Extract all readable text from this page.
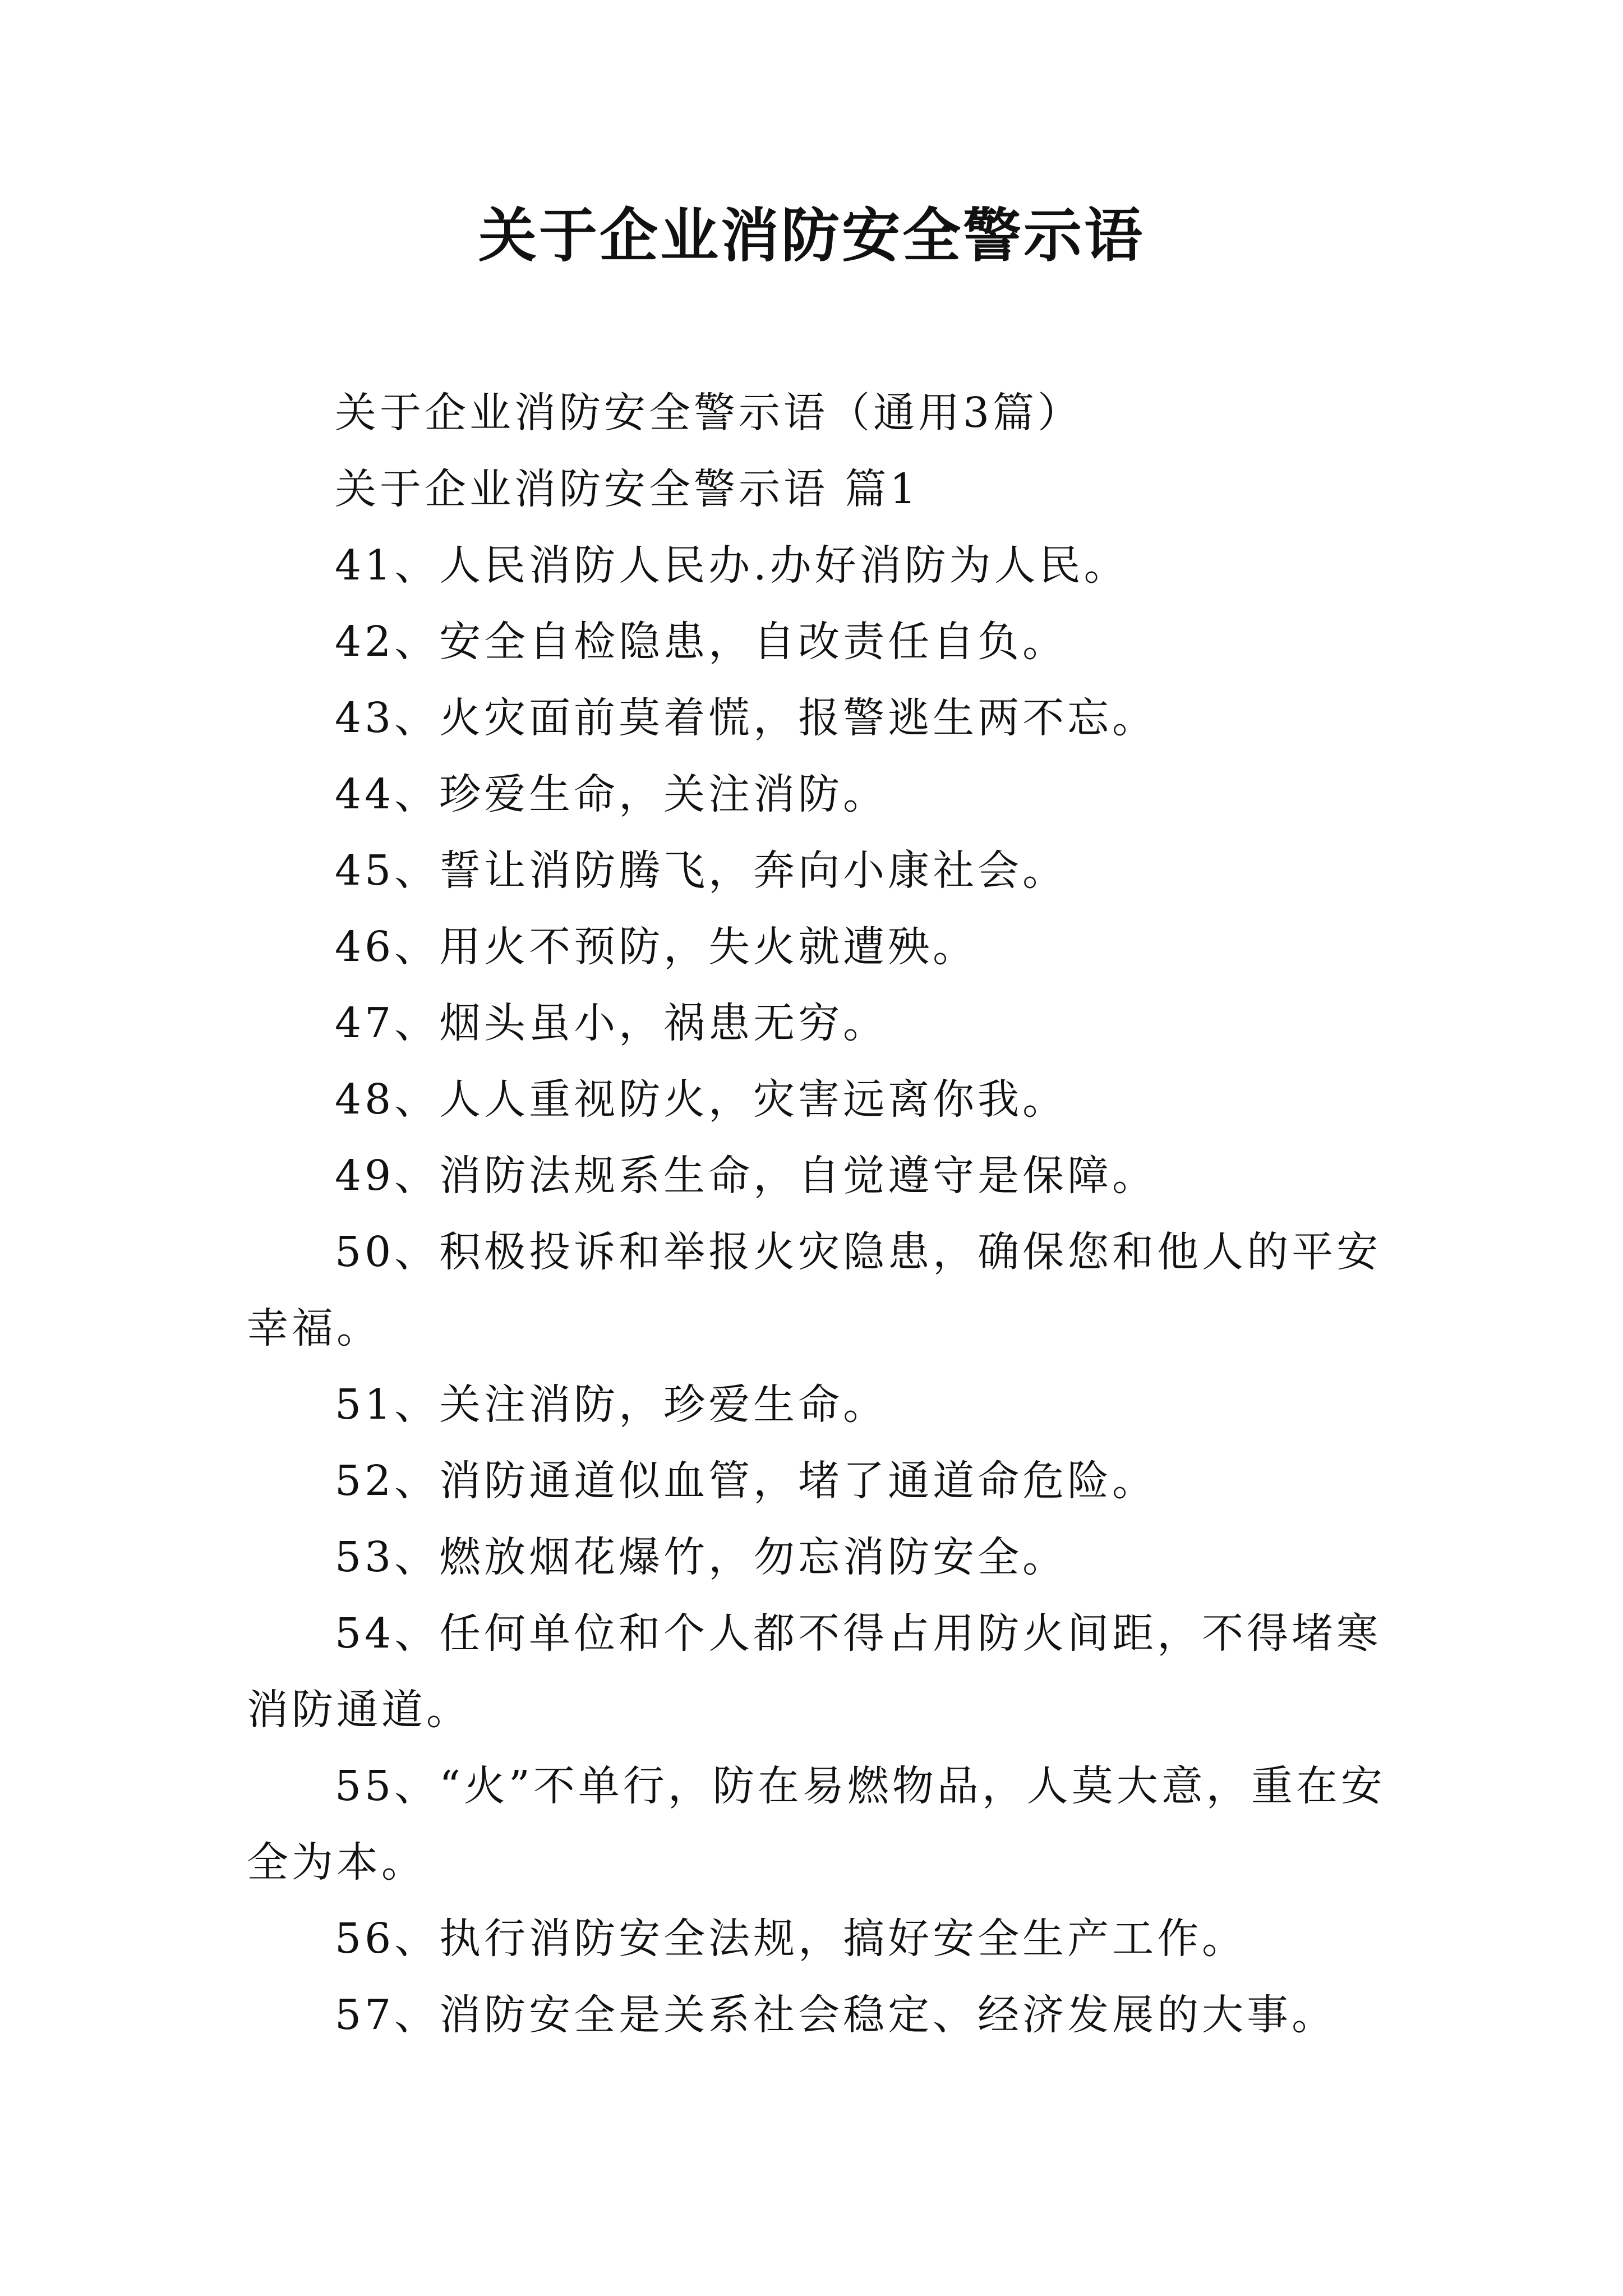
关于企业消防安全警示语

关于企业消防安全警示语（通用3篇）

关于企业消防安全警示语 篇1

41、人民消防人民办.办好消防为人民。

42、安全自检隐患，自改责任自负。

43、火灾面前莫着慌，报警逃生两不忘。

44、珍爱生命，关注消防。

45、誓让消防腾飞，奔向小康社会。

46、用火不预防，失火就遭殃。

47、烟头虽小，祸患无穷。

48、人人重视防火，灾害远离你我。

49、消防法规系生命，自觉遵守是保障。

50、积极投诉和举报火灾隐患，确保您和他人的平安幸福。

51、关注消防，珍爱生命。

52、消防通道似血管，堵了通道命危险。

53、燃放烟花爆竹，勿忘消防安全。

54、任何单位和个人都不得占用防火间距，不得堵寒消防通道。

55、“火”不单行，防在易燃物品，人莫大意，重在安全为本。

56、执行消防安全法规，搞好安全生产工作。

57、消防安全是关系社会稳定、经济发展的大事。
